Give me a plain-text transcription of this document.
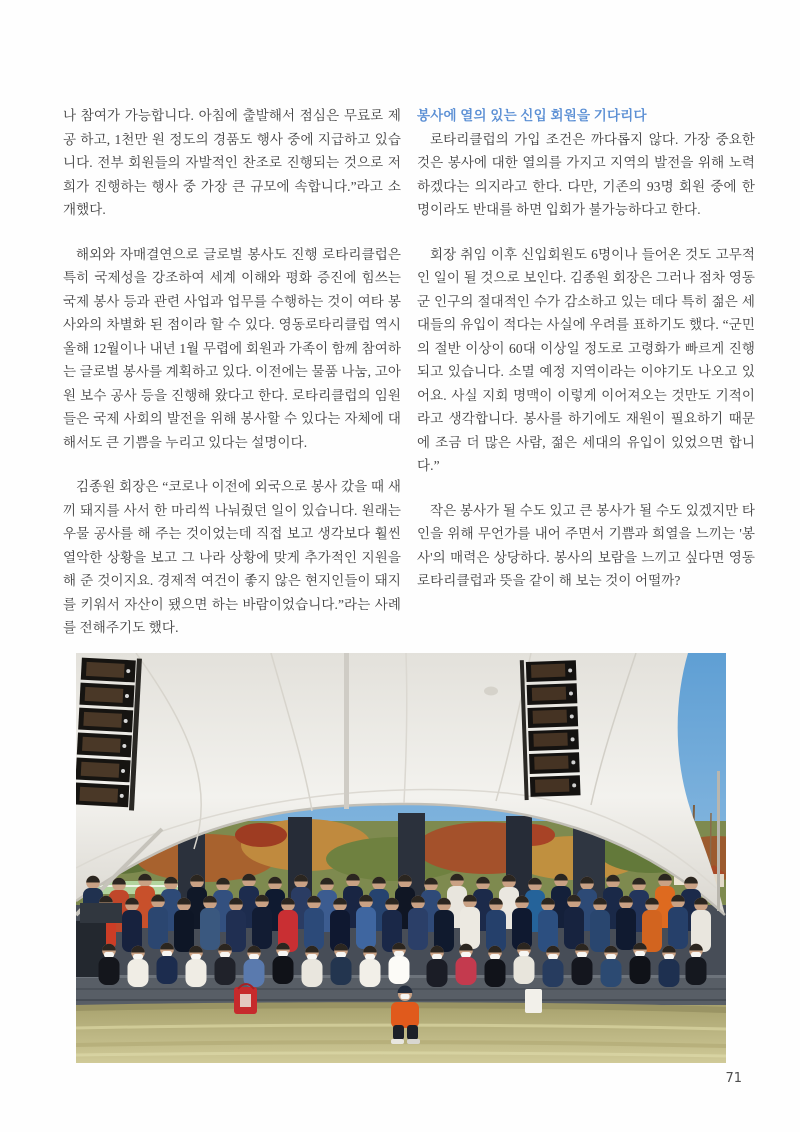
나 참여가 가능합니다. 아침에 출발해서 점심은 무료로 제공 하고, 1천만 원 정도의 경품도 행사 중에 지급하고 있습니다. 전부 회원들의 자발적인 찬조로 진행되는 것으로 저희가 진행하는 행사 중 가장 큰 규모에 속합니다.”라고 소개했다.

해외와 자매결연으로 글로벌 봉사도 진행 로타리클럽은 특히 국제성을 강조하여 세계 이해와 평화 증진에 힘쓰는 국제 봉사 등과 관련 사업과 업무를 수행하는 것이 여타 봉사와의 차별화 된 점이라 할 수 있다. 영동로타리클럽 역시 올해 12월이나 내년 1월 무렵에 회원과 가족이 함께 참여하는 글로벌 봉사를 계획하고 있다. 이전에는 물품 나눔, 고아원 보수 공사 등을 진행해 왔다고 한다. 로타리클럽의 임원들은 국제 사회의 발전을 위해 봉사할 수 있다는 자체에 대해서도 큰 기쁨을 누리고 있다는 설명이다.

김종원 회장은 “코로나 이전에 외국으로 봉사 갔을 때 새끼 돼지를 사서 한 마리씩 나눠줬던 일이 있습니다. 원래는 우물 공사를 해 주는 것이었는데 직접 보고 생각보다 훨씬 열악한 상황을 보고 그 나라 상황에 맞게 추가적인 지원을 해 준 것이지요. 경제적 여건이 좋지 않은 현지인들이 돼지를 키워서 자산이 됐으면 하는 바람이었습니다.”라는 사례를 전해주기도 했다.

봉사에 열의 있는 신입 회원을 기다리다

로타리클럽의 가입 조건은 까다롭지 않다. 가장 중요한 것은 봉사에 대한 열의를 가지고 지역의 발전을 위해 노력하겠다는 의지라고 한다. 다만, 기존의 93명 회원 중에 한 명이라도 반대를 하면 입회가 불가능하다고 한다.

회장 취임 이후 신입회원도 6명이나 들어온 것도 고무적인 일이 될 것으로 보인다. 김종원 회장은 그러나 점차 영동군 인구의 절대적인 수가 감소하고 있는 데다 특히 젊은 세대들의 유입이 적다는 사실에 우려를 표하기도 했다. “군민의 절반 이상이 60대 이상일 정도로 고령화가 빠르게 진행되고 있습니다. 소멸 예정 지역이라는 이야기도 나오고 있어요. 사실 지회 명맥이 이렇게 이어져오는 것만도 기적이라고 생각합니다. 봉사를 하기에도 재원이 필요하기 때문에 조금 더 많은 사람, 젊은 세대의 유입이 있었으면 합니다.”

작은 봉사가 될 수도 있고 큰 봉사가 될 수도 있겠지만 타인을 위해 무언가를 내어 주면서 기쁨과 희열을 느끼는 '봉사'의 매력은 상당하다. 봉사의 보람을 느끼고 싶다면 영동로타리클럽과 뜻을 같이 해 보는 것이 어떨까?

71
